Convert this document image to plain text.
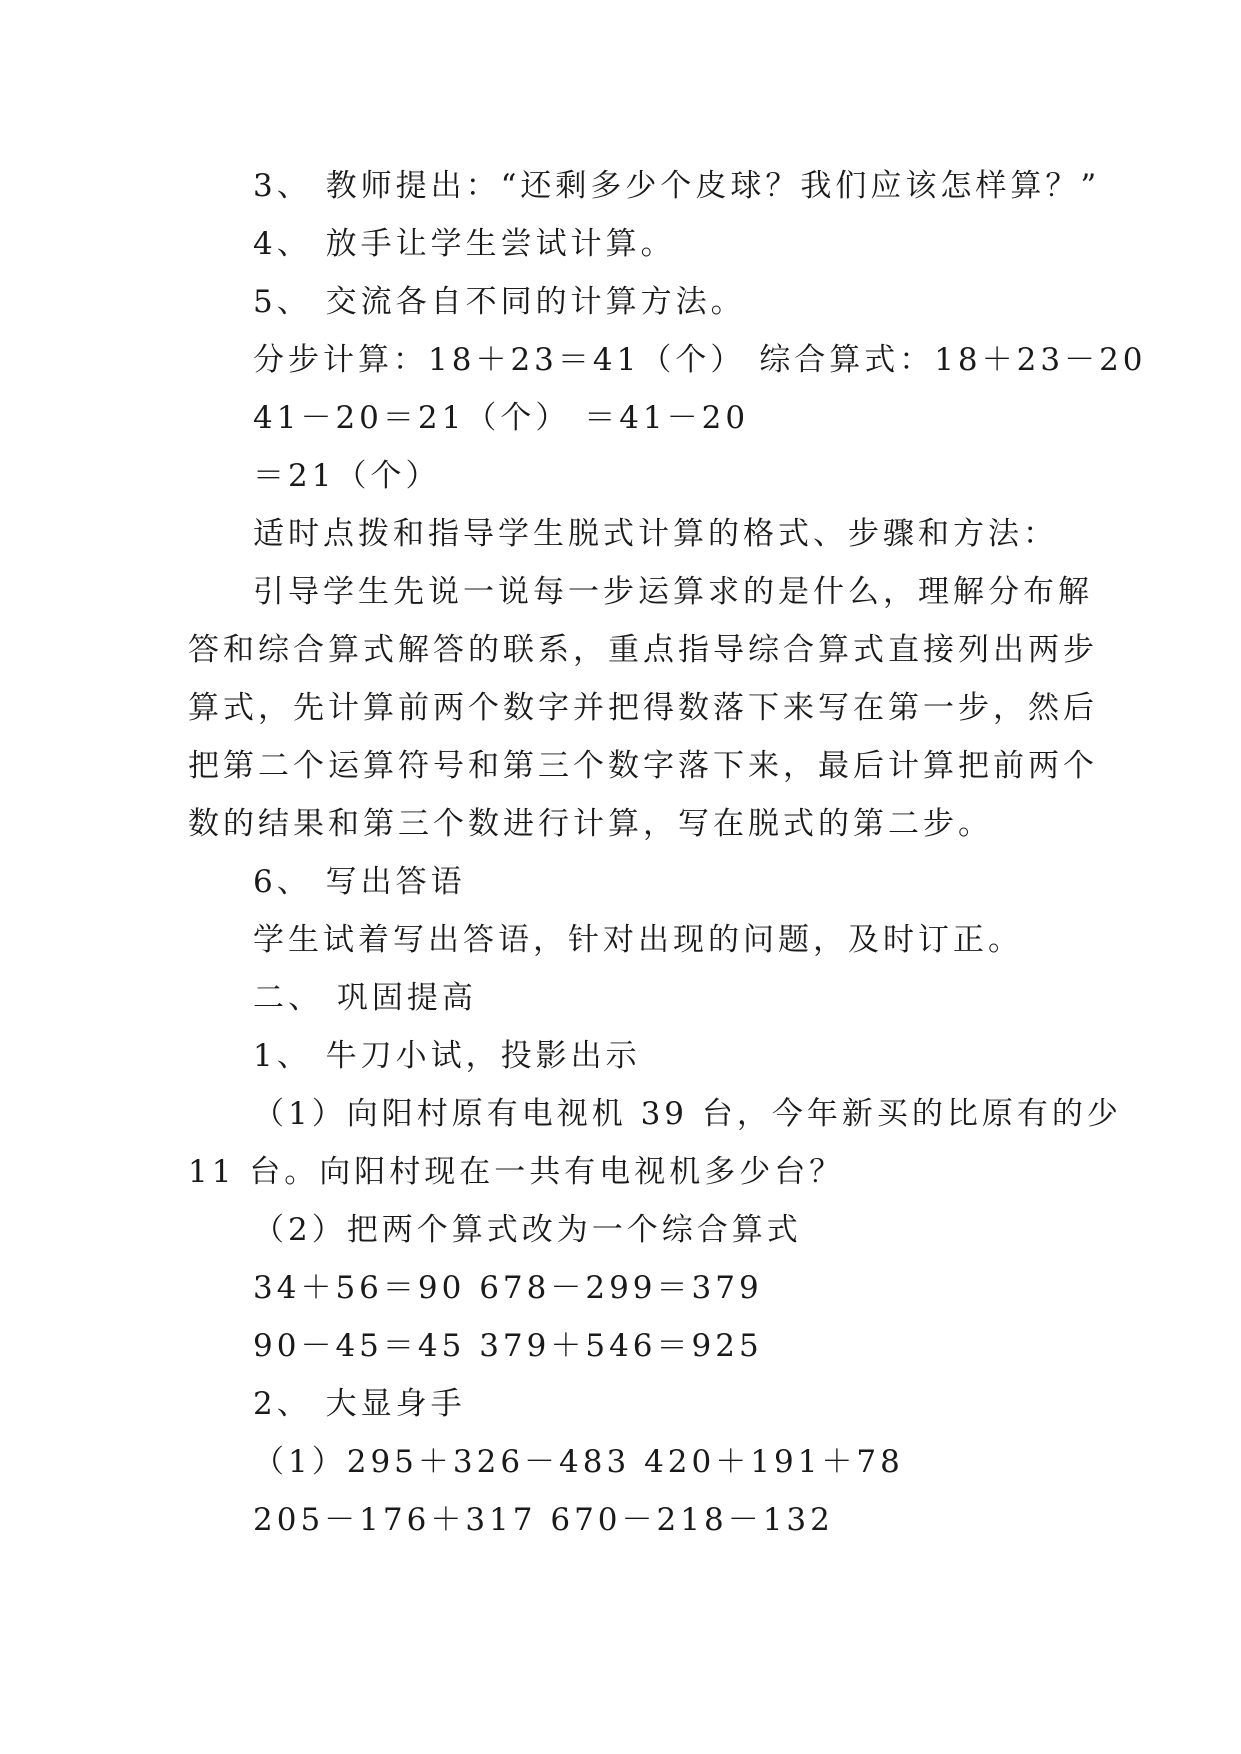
3、 教师提出：“还剩多少个皮球？我们应该怎样算？”
4、 放手让学生尝试计算。
5、 交流各自不同的计算方法。
分步计算：18＋23＝41（个） 综合算式：18＋23－20
41－20＝21（个） ＝41－20
＝21（个）
适时点拨和指导学生脱式计算的格式、步骤和方法：
引导学生先说一说每一步运算求的是什么，理解分布解
答和综合算式解答的联系，重点指导综合算式直接列出两步
算式，先计算前两个数字并把得数落下来写在第一步，然后
把第二个运算符号和第三个数字落下来，最后计算把前两个
数的结果和第三个数进行计算，写在脱式的第二步。
6、 写出答语
学生试着写出答语，针对出现的问题，及时订正。
二、 巩固提高
1、 牛刀小试，投影出示
（1）向阳村原有电视机 39 台，今年新买的比原有的少
11 台。向阳村现在一共有电视机多少台？
（2）把两个算式改为一个综合算式
34＋56＝90 678－299＝379
90－45＝45 379＋546＝925
2、 大显身手
（1）295＋326－483 420＋191＋78
205－176＋317 670－218－132
